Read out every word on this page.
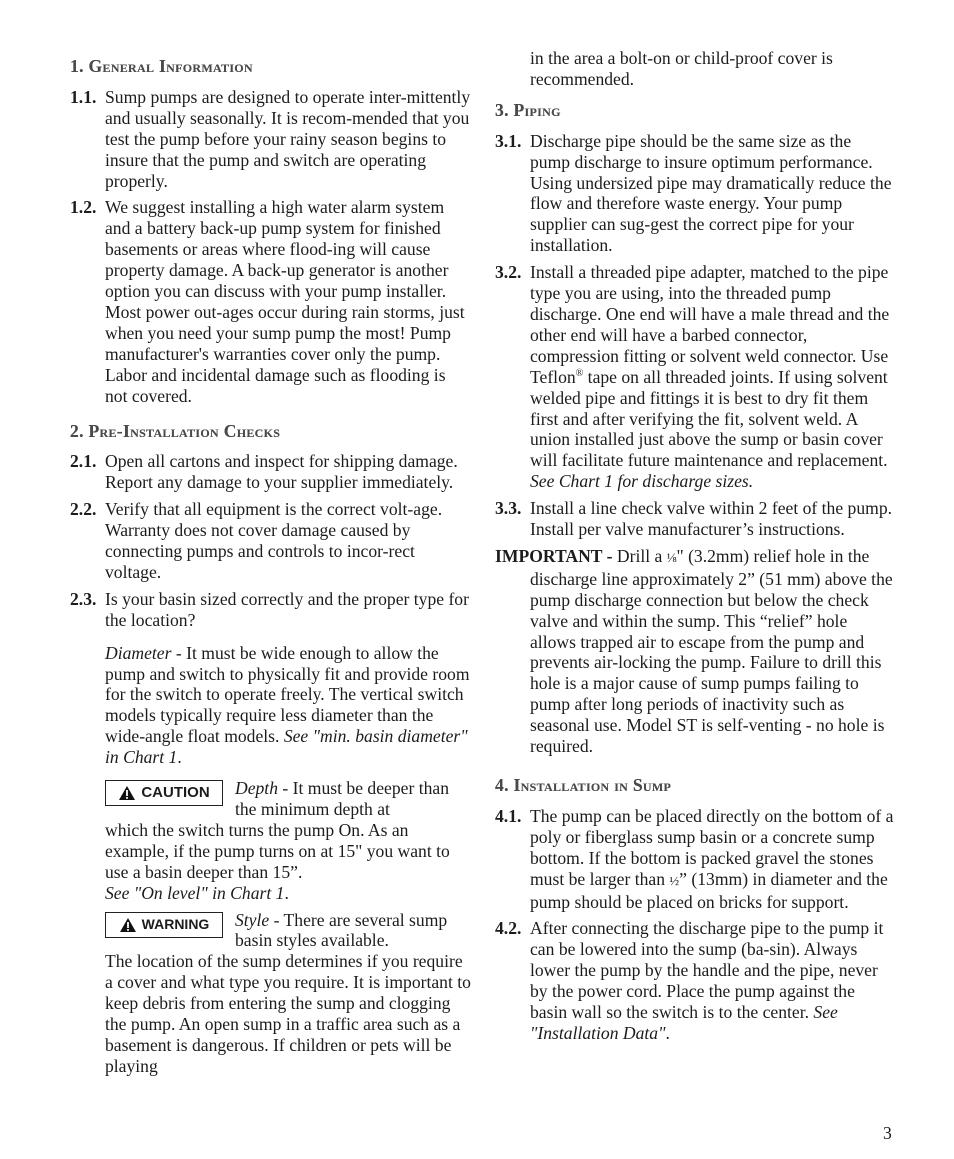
1. General Information
1.1. Sump pumps are designed to operate inter-mittently and usually seasonally. It is recom-mended that you test the pump before your rainy season begins to insure that the pump and switch are operating properly.

1.2. We suggest installing a high water alarm system and a battery back-up pump system for finished basements or areas where flood-ing will cause property damage. A back-up generator is another option you can discuss with your pump installer. Most power out-ages occur during rain storms, just when you need your sump pump the most! Pump manufacturer's warranties cover only the pump. Labor and incidental damage such as flooding is not covered.

2. Pre-Installation Checks
2.1. Open all cartons and inspect for shipping damage. Report any damage to your supplier immediately.

2.2. Verify that all equipment is the correct volt-age. Warranty does not cover damage caused by connecting pumps and controls to incor-rect voltage.

2.3. Is your basin sized correctly and the proper type for the location?

Diameter - It must be wide enough to allow the pump and switch to physically fit and provide room for the switch to operate freely. The vertical switch models typically require less diameter than the wide-angle float models. See "min. basin diameter" in Chart 1.

CAUTION Depth - It must be deeper than the minimum depth at

which the switch turns the pump On. As an example, if the pump turns on at 15" you want to use a basin deeper than 15”.

See "On level" in Chart 1.

WARNING Style - There are several sump basin styles available.

The location of the sump determines if you require a cover and what type you require. It is important to keep debris from entering the sump and clogging the pump. An open sump in a traffic area such as a basement is dangerous. If children or pets will be playing

in the area a bolt-on or child-proof cover is recommended.

3. Piping
3.1. Discharge pipe should be the same size as the pump discharge to insure optimum performance. Using undersized pipe may dramatically reduce the flow and therefore waste energy. Your pump supplier can sug-gest the correct pipe for your installation.

3.2. Install a threaded pipe adapter, matched to the pipe type you are using, into the threaded pump discharge. One end will have a male thread and the other end will have a barbed connector, compression fitting or solvent weld connector. Use Teflon® tape on all threaded joints. If using solvent welded pipe and fittings it is best to dry fit them first and after verifying the fit, solvent weld. A union installed just above the sump or basin cover will facilitate future maintenance and replacement. See Chart 1 for discharge sizes.

3.3. Install a line check valve within 2 feet of the pump. Install per valve manufacturer’s instructions.

IMPORTANT - Drill a ⅛" (3.2mm) relief hole in the discharge line approximately 2” (51 mm) above the pump discharge connection but below the check valve and within the sump. This “relief” hole allows trapped air to escape from the pump and prevents air-locking the pump. Failure to drill this hole is a major cause of sump pumps failing to pump after long periods of inactivity such as seasonal use. Model ST is self-venting - no hole is required.

4. Installation in Sump
4.1. The pump can be placed directly on the bottom of a poly or fiberglass sump basin or a concrete sump bottom. If the bottom is packed gravel the stones must be larger than ½” (13mm) in diameter and the pump should be placed on bricks for support.

4.2. After connecting the discharge pipe to the pump it can be lowered into the sump (ba-sin). Always lower the pump by the handle and the pipe, never by the power cord. Place the pump against the basin wall so the switch is to the center. See "Installation Data".

3
